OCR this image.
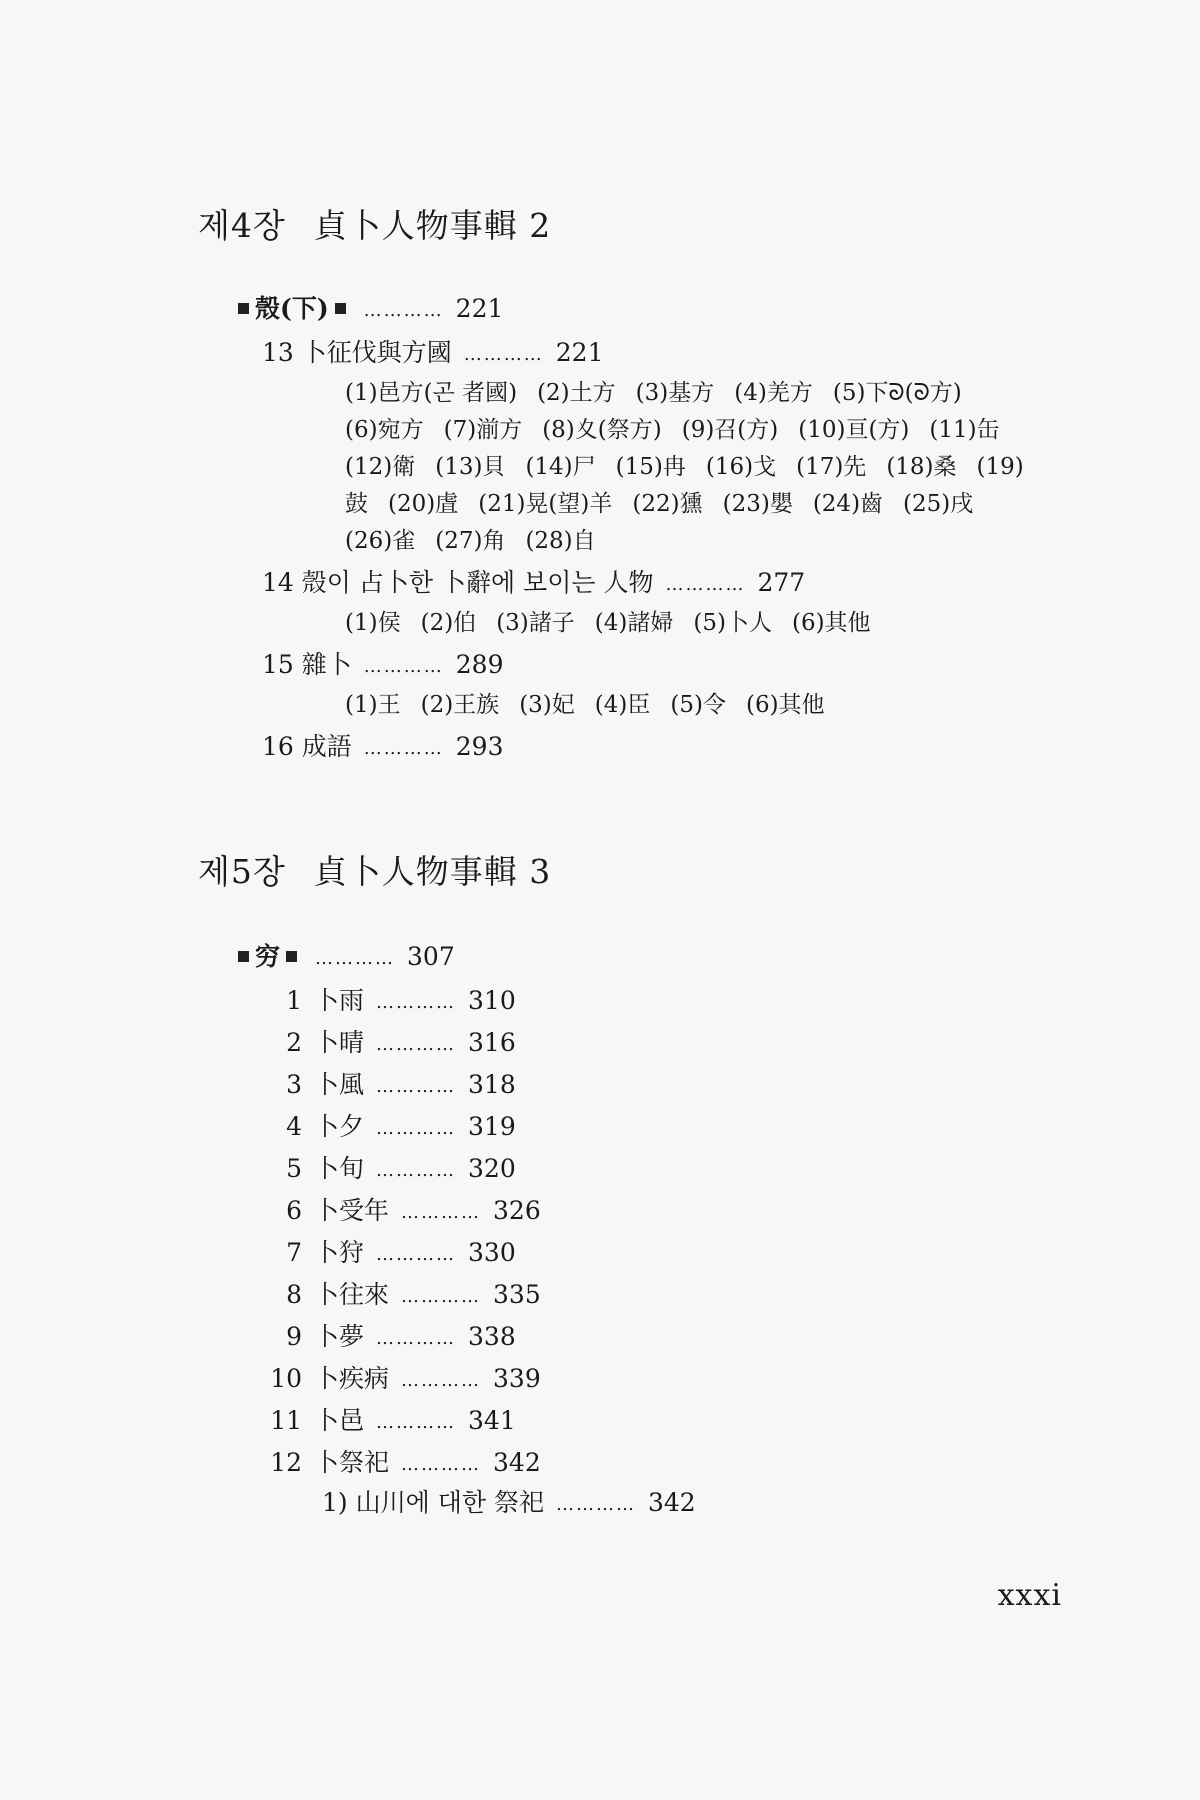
제4장 貞卜人物事輯 2
殼(下) ………… 221
13 卜征伐與方國 ………… 221
(1)邑方(곤 者國) (2)土方 (3)基方 (4)羌方 (5)下ᘐ(ᘐ方)
(6)宛方 (7)湔方 (8)夊(祭方) (9)召(方) (10)亘(方) (11)缶
(12)衛 (13)貝 (14)尸 (15)冉 (16)戈 (17)先 (18)桑 (19)
鼓 (20)虘 (21)晃(望)羊 (22)獯 (23)嬰 (24)齒 (25)戌
(26)雀 (27)角 (28)自
14 殼이 占卜한 卜辭에 보이는 人物 ………… 277
(1)侯 (2)伯 (3)諸子 (4)諸婦 (5)卜人 (6)其他
15 雜卜 ………… 289
(1)王 (2)王族 (3)妃 (4)臣 (5)令 (6)其他
16 成語 ………… 293
제5장 貞卜人物事輯 3
穷 ………… 307
1 卜雨 ………… 310
2 卜晴 ………… 316
3 卜風 ………… 318
4 卜夕 ………… 319
5 卜旬 ………… 320
6 卜受年 ………… 326
7 卜狩 ………… 330
8 卜往來 ………… 335
9 卜夢 ………… 338
10 卜疾病 ………… 339
11 卜邑 ………… 341
12 卜祭祀 ………… 342
1) 山川에 대한 祭祀 ………… 342
xxxi
